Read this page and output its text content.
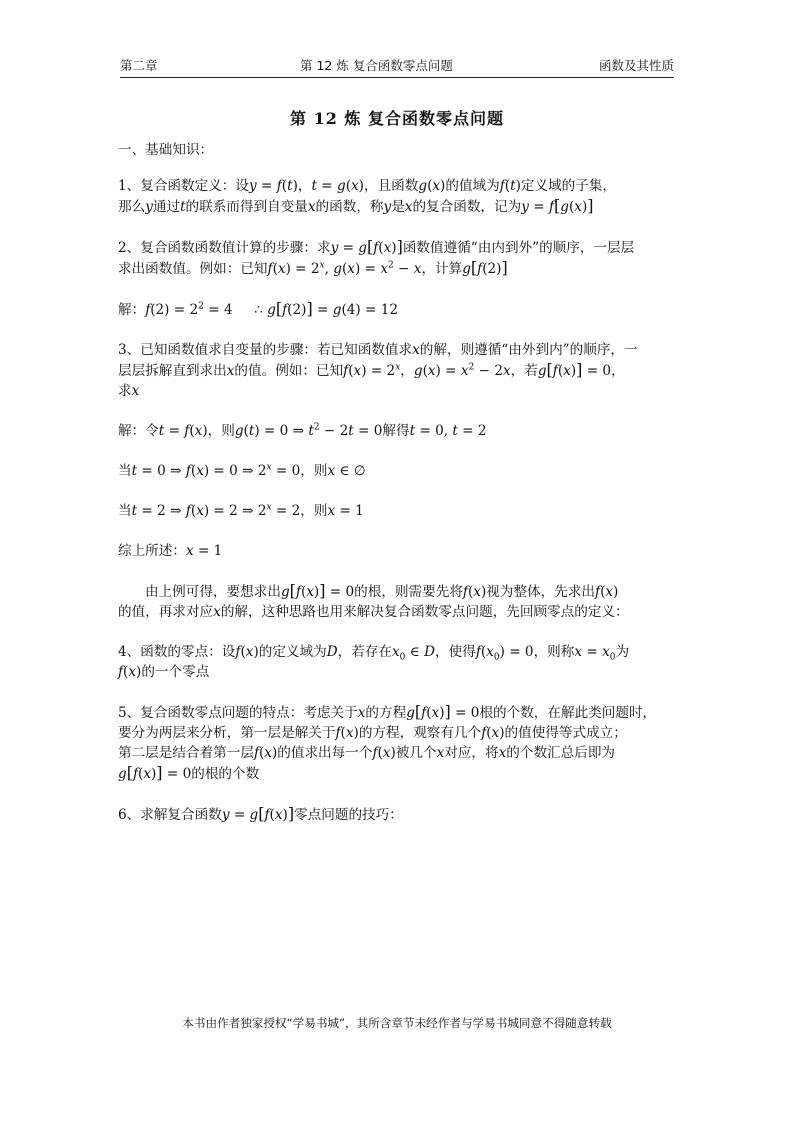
第二章	第 12 炼 复合函数零点问题	函数及其性质
第 12 炼 复合函数零点问题

一、基础知识：

1、复合函数定义：设y = f(t)，t = g(x)，且函数g(x)的值域为f(t)定义域的子集，
那么y通过t的联系而得到自变量x的函数，称y是x的复合函数，记为y = f[g(x)]

2、复合函数函数值计算的步骤：求y = g[f(x)]函数值遵循“由内到外”的顺序，一层层
求出函数值。例如：已知$f(x) = 2^x$, $g(x) = x^2 - x$，计算g[f(2)]

解：$f(2) = 2^2 = 4$     ∴ g[f(2)] = g(4) = 12

3、已知函数值求自变量的步骤：若已知函数值求x的解，则遵循“由外到内”的顺序，一
层层拆解直到求出x的值。例如：已知$f(x) = 2^x$，$g(x) = x^2 - 2x$，若g[f(x)] = 0，
求x

解：令t = f(x)，则g(t) = 0 ⇒ $t^2 - 2t = 0$解得t = 0, t = 2

当t = 0 ⇒ f(x) = 0 ⇒ $2^x = 0$，则x ∈ ∅

当t = 2 ⇒ f(x) = 2 ⇒ $2^x = 2$，则x = 1

综上所述：x = 1

由上例可得，要想求出g[f(x)] = 0的根，则需要先将f(x)视为整体，先求出f(x)
的值，再求对应x的解，这种思路也用来解决复合函数零点问题，先回顾零点的定义：

4、函数的零点：设f(x)的定义域为D，若存在$x_0$ ∈ D，使得$f(x_0) = 0$，则称$x = x_0$为
f(x)的一个零点

5、复合函数零点问题的特点：考虑关于x的方程g[f(x)] = 0根的个数，在解此类问题时，
要分为两层来分析，第一层是解关于f(x)的方程，观察有几个f(x)的值使得等式成立；
第二层是结合着第一层f(x)的值求出每一个f(x)被几个x对应，将x的个数汇总后即为
g[f(x)] = 0的根的个数

6、求解复合函数y = g[f(x)]零点问题的技巧：

本书由作者独家授权“学易书城”，其所含章节未经作者与学易书城同意不得随意转载
